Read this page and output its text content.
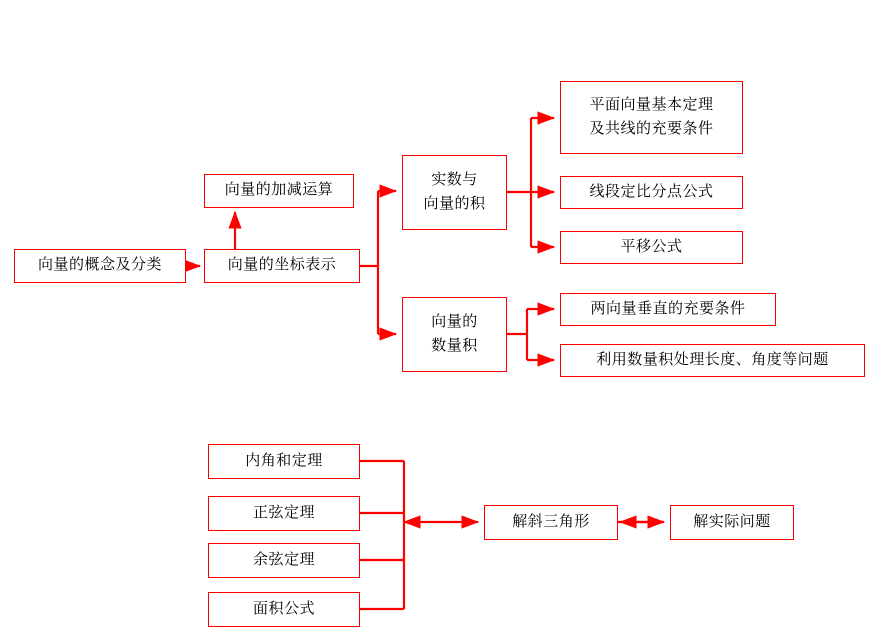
向量的概念及分类	向量的坐标表示
向量的加减运算
实数与
向量的积
向量的
数量积
平面向量基本定理
及共线的充要条件
线段定比分点公式
平移公式
两向量垂直的充要条件
利用数量积处理长度、角度等问题
内角和定理
正弦定理
余弦定理
面积公式
解斜三角形	解实际问题
